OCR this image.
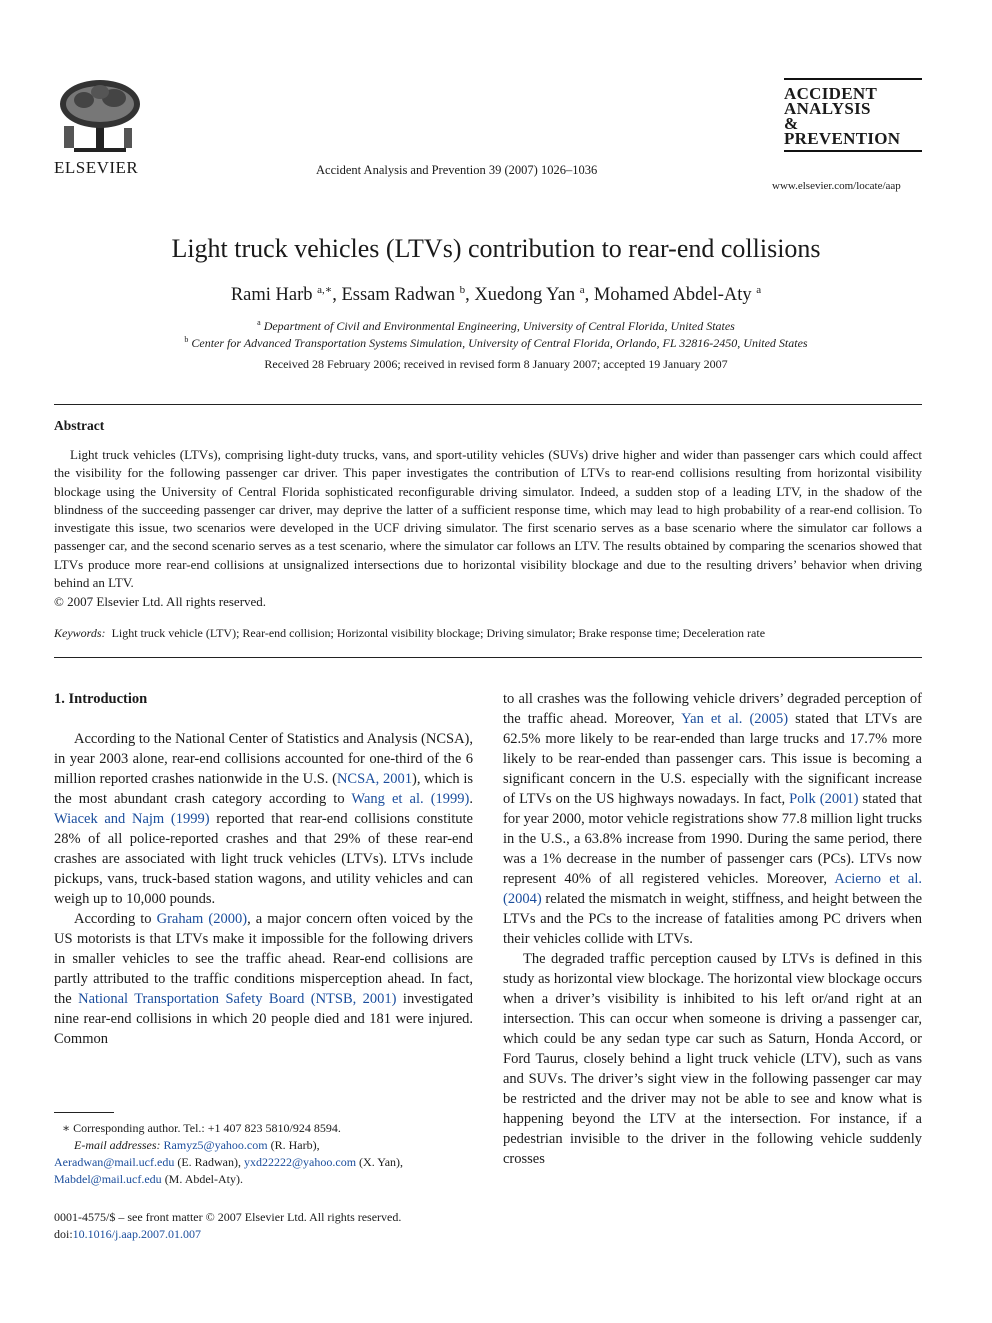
ELSEVIER	Accident Analysis and Prevention 39 (2007) 1026–1036
ACCIDENT
ANALYSIS
&
PREVENTION
www.elsevier.com/locate/aap
Light truck vehicles (LTVs) contribution to rear-end collisions
Rami Harb $^{a,∗}$, Essam Radwan $^b$, Xuedong Yan $^a$, Mohamed Abdel-Aty $^a$
$^a$ Department of Civil and Environmental Engineering, University of Central Florida, United States
$^b$ Center for Advanced Transportation Systems Simulation, University of Central Florida, Orlando, FL 32816-2450, United States
Received 28 February 2006; received in revised form 8 January 2007; accepted 19 January 2007
Abstract

Light truck vehicles (LTVs), comprising light-duty trucks, vans, and sport-utility vehicles (SUVs) drive higher and wider than passenger cars which could affect the visibility for the following passenger car driver. This paper investigates the contribution of LTVs to rear-end collisions resulting from horizontal visibility blockage using the University of Central Florida sophisticated reconfigurable driving simulator. Indeed, a sudden stop of a leading LTV, in the shadow of the blindness of the succeeding passenger car driver, may deprive the latter of a sufficient response time, which may lead to high probability of a rear-end collision. To investigate this issue, two scenarios were developed in the UCF driving simulator. The first scenario serves as a base scenario where the simulator car follows a passenger car, and the second scenario serves as a test scenario, where the simulator car follows an LTV. The results obtained by comparing the scenarios showed that LTVs produce more rear-end collisions at unsignalized intersections due to horizontal visibility blockage and due to the resulting drivers’ behavior when driving behind an LTV.

© 2007 Elsevier Ltd. All rights reserved.
Keywords: Light truck vehicle (LTV); Rear-end collision; Horizontal visibility blockage; Driving simulator; Brake response time; Deceleration rate
1. Introduction

According to the National Center of Statistics and Analysis (NCSA), in year 2003 alone, rear-end collisions accounted for one-third of the 6 million reported crashes nationwide in the U.S. (NCSA, 2001), which is the most abundant crash category according to Wang et al. (1999). Wiacek and Najm (1999) reported that rear-end collisions constitute 28% of all police-reported crashes and that 29% of these rear-end crashes are associated with light truck vehicles (LTVs). LTVs include pickups, vans, truck-based station wagons, and utility vehicles and can weigh up to 10,000 pounds.

According to Graham (2000), a major concern often voiced by the US motorists is that LTVs make it impossible for the following drivers in smaller vehicles to see the traffic ahead. Rear-end collisions are partly attributed to the traffic conditions misperception ahead. In fact, the National Transportation Safety Board (NTSB, 2001) investigated nine rear-end collisions in which 20 people died and 181 were injured. Common

to all crashes was the following vehicle drivers’ degraded perception of the traffic ahead. Moreover, Yan et al. (2005) stated that LTVs are 62.5% more likely to be rear-ended than large trucks and 17.7% more likely to be rear-ended than passenger cars. This issue is becoming a significant concern in the U.S. especially with the significant increase of LTVs on the US highways nowadays. In fact, Polk (2001) stated that for year 2000, motor vehicle registrations show 77.8 million light trucks in the U.S., a 63.8% increase from 1990. During the same period, there was a 1% decrease in the number of passenger cars (PCs). LTVs now represent 40% of all registered vehicles. Moreover, Acierno et al. (2004) related the mismatch in weight, stiffness, and height between the LTVs and the PCs to the increase of fatalities among PC drivers when their vehicles collide with LTVs.

The degraded traffic perception caused by LTVs is defined in this study as horizontal view blockage. The horizontal view blockage occurs when a driver’s visibility is inhibited to his left or/and right at an intersection. This can occur when someone is driving a passenger car, which could be any sedan type car such as Saturn, Honda Accord, or Ford Taurus, closely behind a light truck vehicle (LTV), such as vans and SUVs. The driver’s sight view in the following passenger car may be restricted and the driver may not be able to see and know what is happening beyond the LTV at the intersection. For instance, if a pedestrian invisible to the driver in the following vehicle suddenly crosses

∗ Corresponding author. Tel.: +1 407 823 5810/924 8594.
E-mail addresses: Ramyz5@yahoo.com (R. Harb),
Aeradwan@mail.ucf.edu (E. Radwan), yxd22222@yahoo.com (X. Yan),
Mabdel@mail.ucf.edu (M. Abdel-Aty).
0001-4575/$ – see front matter © 2007 Elsevier Ltd. All rights reserved.
doi:10.1016/j.aap.2007.01.007
